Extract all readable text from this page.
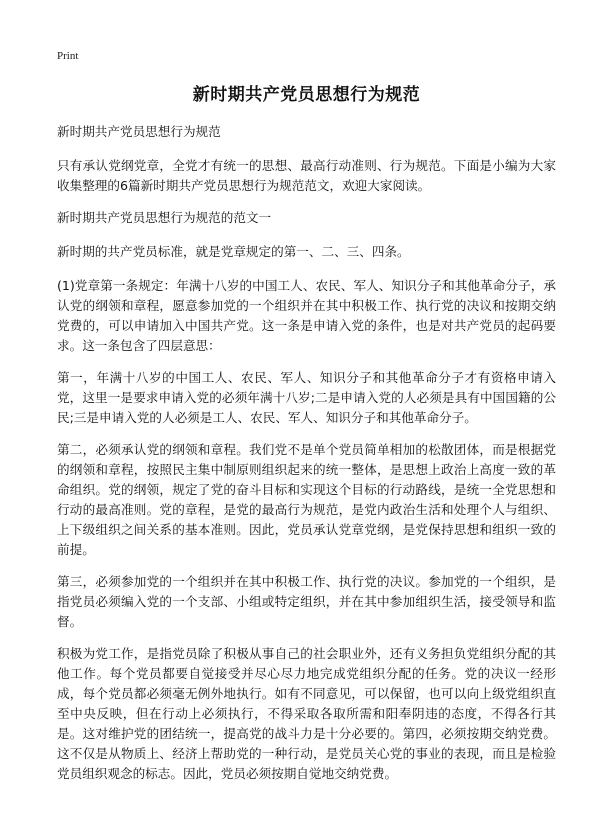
Print
新时期共产党员思想行为规范

新时期共产党员思想行为规范

只有承认党纲党章，全党才有统一的思想、最高行动准则、行为规范。下面是小编为大家收集整理的6篇新时期共产党员思想行为规范范文，欢迎大家阅读。

新时期共产党员思想行为规范的范文一

新时期的共产党员标准，就是党章规定的第一、二、三、四条。

(1)党章第一条规定：年满十八岁的中国工人、农民、军人、知识分子和其他革命分子，承认党的纲领和章程，愿意参加党的一个组织并在其中积极工作、执行党的决议和按期交纳党费的，可以申请加入中国共产党。这一条是申请入党的条件，也是对共产党员的起码要求。这一条包含了四层意思：

第一，年满十八岁的中国工人、农民、军人、知识分子和其他革命分子才有资格申请入党，这里一是要求申请入党的必须年满十八岁;二是申请入党的人必须是具有中国国籍的公民;三是申请入党的人必须是工人、农民、军人、知识分子和其他革命分子。

第二，必须承认党的纲领和章程。我们党不是单个党员简单相加的松散团体，而是根据党的纲领和章程，按照民主集中制原则组织起来的统一整体，是思想上政治上高度一致的革命组织。党的纲领，规定了党的奋斗目标和实现这个目标的行动路线，是统一全党思想和行动的最高准则。党的章程，是党的最高行为规范，是党内政治生活和处理个人与组织、上下级组织之间关系的基本准则。因此，党员承认党章党纲，是党保持思想和组织一致的前提。

第三，必须参加党的一个组织并在其中积极工作、执行党的决议。参加党的一个组织，是指党员必须编入党的一个支部、小组或特定组织，并在其中参加组织生活，接受领导和监督。

积极为党工作，是指党员除了积极从事自己的社会职业外，还有义务担负党组织分配的其他工作。每个党员都要自觉接受并尽心尽力地完成党组织分配的任务。党的决议一经形成，每个党员都必须毫无例外地执行。如有不同意见，可以保留，也可以向上级党组织直至中央反映，但在行动上必须执行，不得采取各取所需和阳奉阴违的态度，不得各行其是。这对维护党的团结统一，提高党的战斗力是十分必要的。第四，必须按期交纳党费。这不仅是从物质上、经济上帮助党的一种行动，是党员关心党的事业的表现，而且是检验党员组织观念的标志。因此，党员必须按期自觉地交纳党费。
